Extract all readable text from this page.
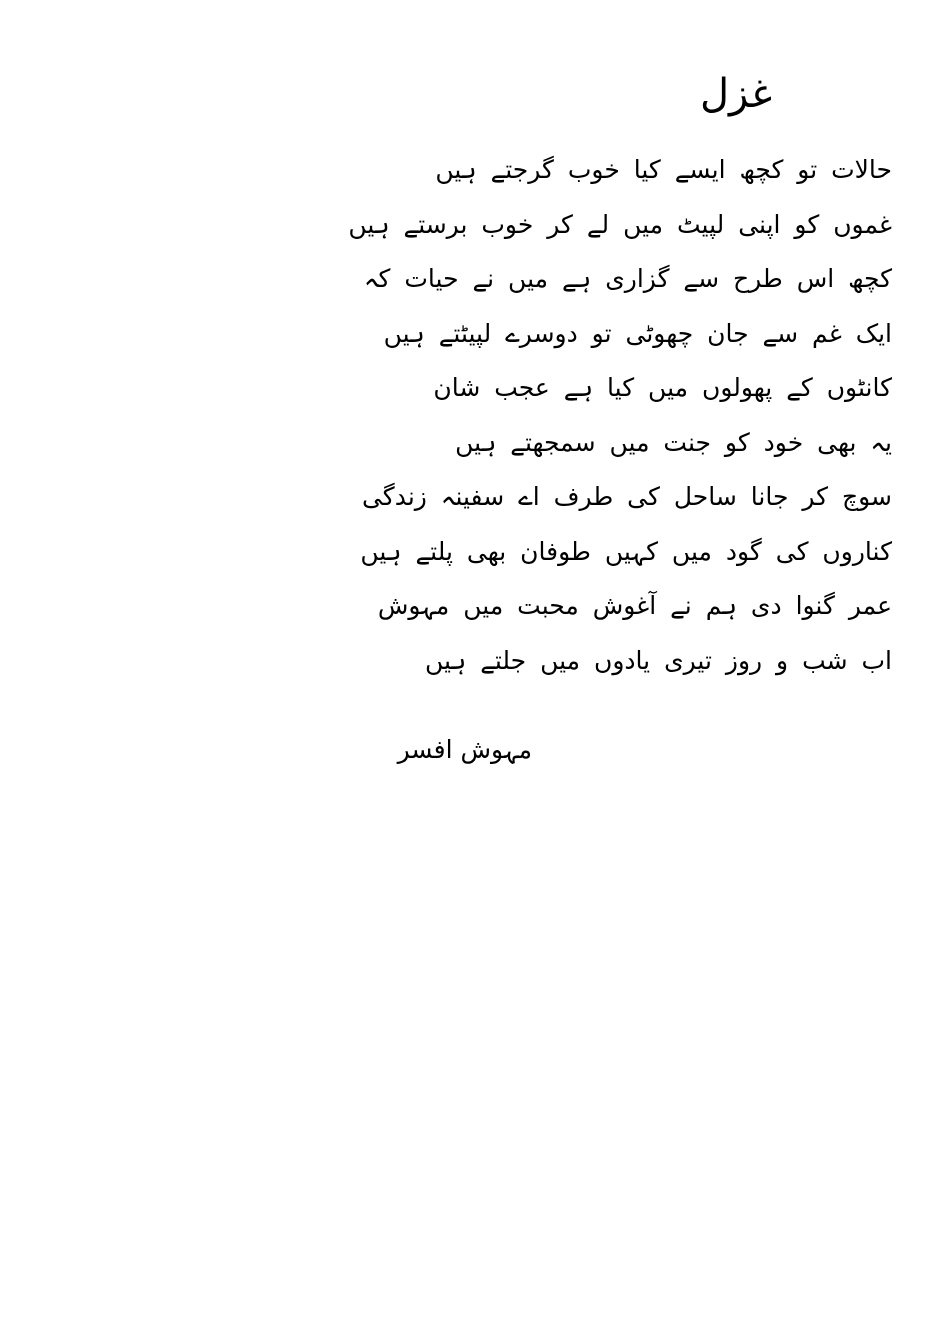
غزل
حالات تو کچھ ایسے کیا خوب گرجتے ہیں
غموں کو اپنی لپیٹ میں لے کر خوب برستے ہیں
کچھ اس طرح سے گزاری ہے میں نے حیات کہ
ایک غم سے جان چھوٹی تو دوسرے لپیٹتے ہیں
کانٹوں کے پھولوں میں کیا ہے عجب شان
یہ بھی خود کو جنت میں سمجھتے ہیں
سوچ کر جانا ساحل کی طرف اے سفینہ زندگی
کناروں کی گود میں کہیں طوفان بھی پلتے ہیں
عمر گنوا دی ہم نے آغوش محبت میں مہوش
اب شب و روز تیری یادوں میں جلتے ہیں
مہوش افسر
